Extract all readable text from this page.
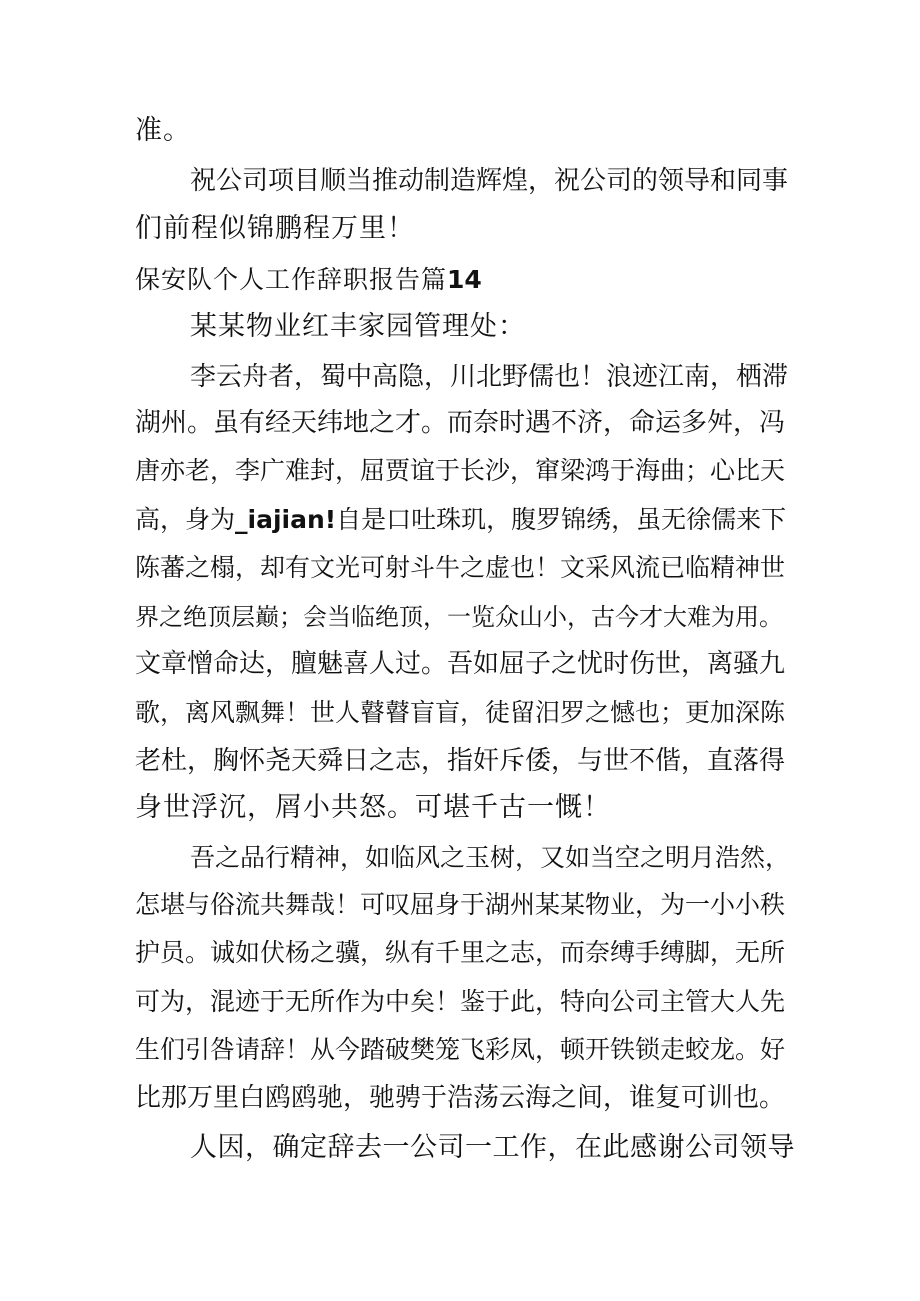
准。
祝公司项目顺当推动制造辉煌，祝公司的领导和同事
们前程似锦鹏程万里！
保安队个人工作辞职报告篇14
某某物业红丰家园管理处：
李云舟者，蜀中高隐，川北野儒也！浪迹江南，栖滞
湖州。虽有经天纬地之才。而奈时遇不济，命运多舛，冯
唐亦老，李广难封，屈贾谊于长沙，窜梁鸿于海曲；心比天
高，身为_iajian!自是口吐珠玑，腹罗锦绣，虽无徐儒来下
陈蕃之榻，却有文光可射斗牛之虚也！文采风流已临精神世
界之绝顶层巅；会当临绝顶，一览众山小，古今才大难为用。
文章憎命达，膻魅喜人过。吾如屈子之忧时伤世，离骚九
歌，离风飘舞！世人瞽瞽盲盲，徒留汨罗之憾也；更加深陈
老杜，胸怀尧天舜日之志，指奸斥倭，与世不偕，直落得
身世浮沉，屑小共怒。可堪千古一慨！
吾之品行精神，如临风之玉树，又如当空之明月浩然，
怎堪与俗流共舞哉！可叹屈身于湖州某某物业，为一小小秩
护员。诚如伏杨之骥，纵有千里之志，而奈缚手缚脚，无所
可为，混迹于无所作为中矣！鉴于此，特向公司主管大人先
生们引咎请辞！从今踏破樊笼飞彩凤，顿开铁锁走蛟龙。好
比那万里白鸥鸥驰，驰骋于浩荡云海之间，谁复可训也。
人因，确定辞去一公司一工作，在此感谢公司领导
